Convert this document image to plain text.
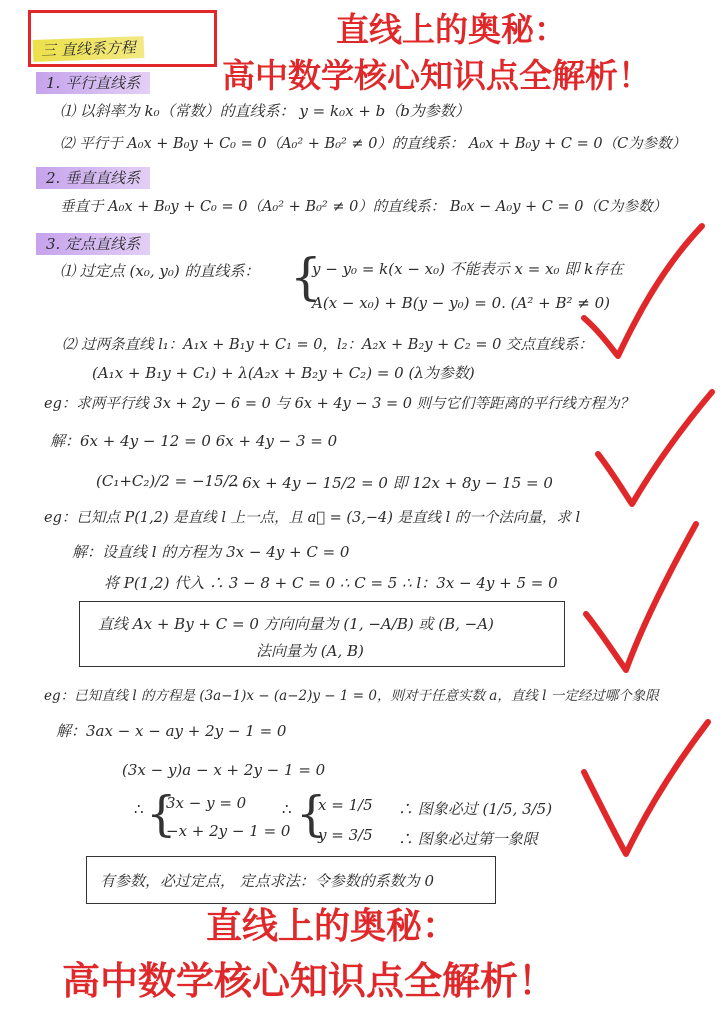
直线上的奥秘：
高中数学核心知识点全解析！
三 直线系方程
1. 平行直线系
⑴ 以斜率为 k₀（常数）的直线系： y = k₀x + b（b为参数）
⑵ 平行于 A₀x + B₀y + C₀ = 0（A₀² + B₀² ≠ 0）的直线系： A₀x + B₀y + C = 0（C为参数）
2. 垂直直线系
垂直于 A₀x + B₀y + C₀ = 0（A₀² + B₀² ≠ 0）的直线系： B₀x − A₀y + C = 0（C为参数）
3. 定点直线系
⑴ 过定点 (x₀, y₀) 的直线系： {
y − y₀ = k(x − x₀) 不能表示 x = x₀ 即 k存在
A(x − x₀) + B(y − y₀) = 0. (A² + B² ≠ 0)
⑵ 过两条直线 l₁：A₁x + B₁y + C₁ = 0，l₂：A₂x + B₂y + C₂ = 0 交点直线系：
(A₁x + B₁y + C₁) + λ(A₂x + B₂y + C₂) = 0 (λ为参数)
eg：求两平行线 3x + 2y − 6 = 0 与 6x + 4y − 3 = 0 则与它们等距离的平行线方程为？
解：6x + 4y − 12 = 0 6x + 4y − 3 = 0
(C₁+C₂)/2 = −15/2
∴ 6x + 4y − 15/2 = 0 即 12x + 8y − 15 = 0
eg：已知点 P(1,2) 是直线 l 上一点，且 a⃗ = (3,−4) 是直线 l 的一个法向量，求 l
解：设直线 l 的方程为 3x − 4y + C = 0
将 P(1,2) 代入 ∴ 3 − 8 + C = 0 ∴ C = 5 ∴ l：3x − 4y + 5 = 0
直线 Ax + By + C = 0 方向向量为 (1, −A/B) 或 (B, −A)
法向量为 (A, B)
eg：已知直线 l 的方程是 (3a−1)x − (a−2)y − 1 = 0，则对于任意实数 a，直线 l 一定经过哪个象限
解：3ax − x − ay + 2y − 1 = 0
(3x − y)a − x + 2y − 1 = 0
∴ {
3x − y = 0
−x + 2y − 1 = 0
∴ {
x = 1/5
y = 3/5
∴ 图象必过 (1/5, 3/5)
∴ 图象必过第一象限
有参数，必过定点， 定点求法：令参数的系数为 0
直线上的奥秘：
高中数学核心知识点全解析！
